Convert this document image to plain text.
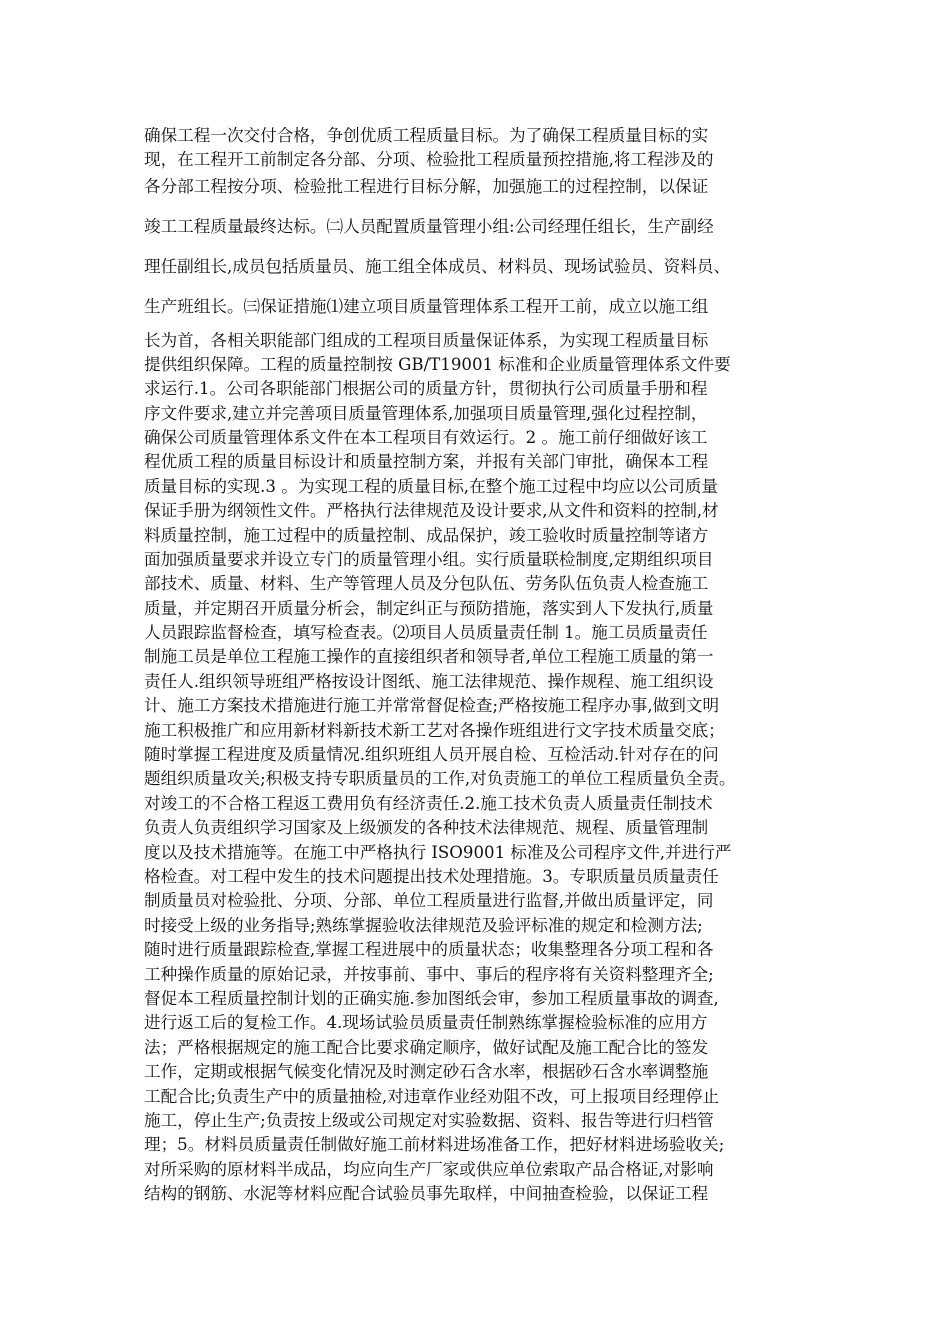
确保工程一次交付合格，争创优质工程质量目标。为了确保工程质量目标的实
现，在工程开工前制定各分部、分项、检验批工程质量预控措施,将工程涉及的
各分部工程按分项、检验批工程进行目标分解，加强施工的过程控制，以保证
竣工工程质量最终达标。㈡人员配置质量管理小组:公司经理任组长，生产副经
理任副组长,成员包括质量员、施工组全体成员、材料员、现场试验员、资料员、
生产班组长。㈢保证措施⑴建立项目质量管理体系工程开工前，成立以施工组
长为首，各相关职能部门组成的工程项目质量保证体系，为实现工程质量目标
提供组织保障。工程的质量控制按 GB/T19001 标准和企业质量管理体系文件要
求运行.1。公司各职能部门根据公司的质量方针，贯彻执行公司质量手册和程
序文件要求,建立并完善项目质量管理体系,加强项目质量管理,强化过程控制，
确保公司质量管理体系文件在本工程项目有效运行。2 。施工前仔细做好该工
程优质工程的质量目标设计和质量控制方案，并报有关部门审批，确保本工程
质量目标的实现.3 。为实现工程的质量目标,在整个施工过程中均应以公司质量
保证手册为纲领性文件。严格执行法律规范及设计要求,从文件和资料的控制,材
料质量控制，施工过程中的质量控制、成品保护，竣工验收时质量控制等诸方
面加强质量要求并设立专门的质量管理小组。实行质量联检制度,定期组织项目
部技术、质量、材料、生产等管理人员及分包队伍、劳务队伍负责人检查施工
质量，并定期召开质量分析会，制定纠正与预防措施，落实到人下发执行,质量
人员跟踪监督检查，填写检查表。⑵项目人员质量责任制 1。施工员质量责任
制施工员是单位工程施工操作的直接组织者和领导者,单位工程施工质量的第一
责任人.组织领导班组严格按设计图纸、施工法律规范、操作规程、施工组织设
计、施工方案技术措施进行施工并常常督促检查;严格按施工程序办事,做到文明
施工积极推广和应用新材料新技术新工艺对各操作班组进行文字技术质量交底；
随时掌握工程进度及质量情况.组织班组人员开展自检、互检活动.针对存在的问
题组织质量攻关;积极支持专职质量员的工作,对负责施工的单位工程质量负全责。
对竣工的不合格工程返工费用负有经济责任.2.施工技术负责人质量责任制技术
负责人负责组织学习国家及上级颁发的各种技术法律规范、规程、质量管理制
度以及技术措施等。在施工中严格执行 ISO9001 标准及公司程序文件,并进行严
格检查。对工程中发生的技术问题提出技术处理措施。3。专职质量员质量责任
制质量员对检验批、分项、分部、单位工程质量进行监督,并做出质量评定，同
时接受上级的业务指导;熟练掌握验收法律规范及验评标准的规定和检测方法;
随时进行质量跟踪检查,掌握工程进展中的质量状态；收集整理各分项工程和各
工种操作质量的原始记录，并按事前、事中、事后的程序将有关资料整理齐全;
督促本工程质量控制计划的正确实施.参加图纸会审，参加工程质量事故的调查,
进行返工后的复检工作。4.现场试验员质量责任制熟练掌握检验标准的应用方
法；严格根据规定的施工配合比要求确定顺序，做好试配及施工配合比的签发
工作，定期或根据气候变化情况及时测定砂石含水率，根据砂石含水率调整施
工配合比;负责生产中的质量抽检,对违章作业经劝阻不改，可上报项目经理停止
施工，停止生产;负责按上级或公司规定对实验数据、资料、报告等进行归档管
理；5。材料员质量责任制做好施工前材料进场准备工作，把好材料进场验收关;
对所采购的原材料半成品，均应向生产厂家或供应单位索取产品合格证,对影响
结构的钢筋、水泥等材料应配合试验员事先取样，中间抽查检验，以保证工程
